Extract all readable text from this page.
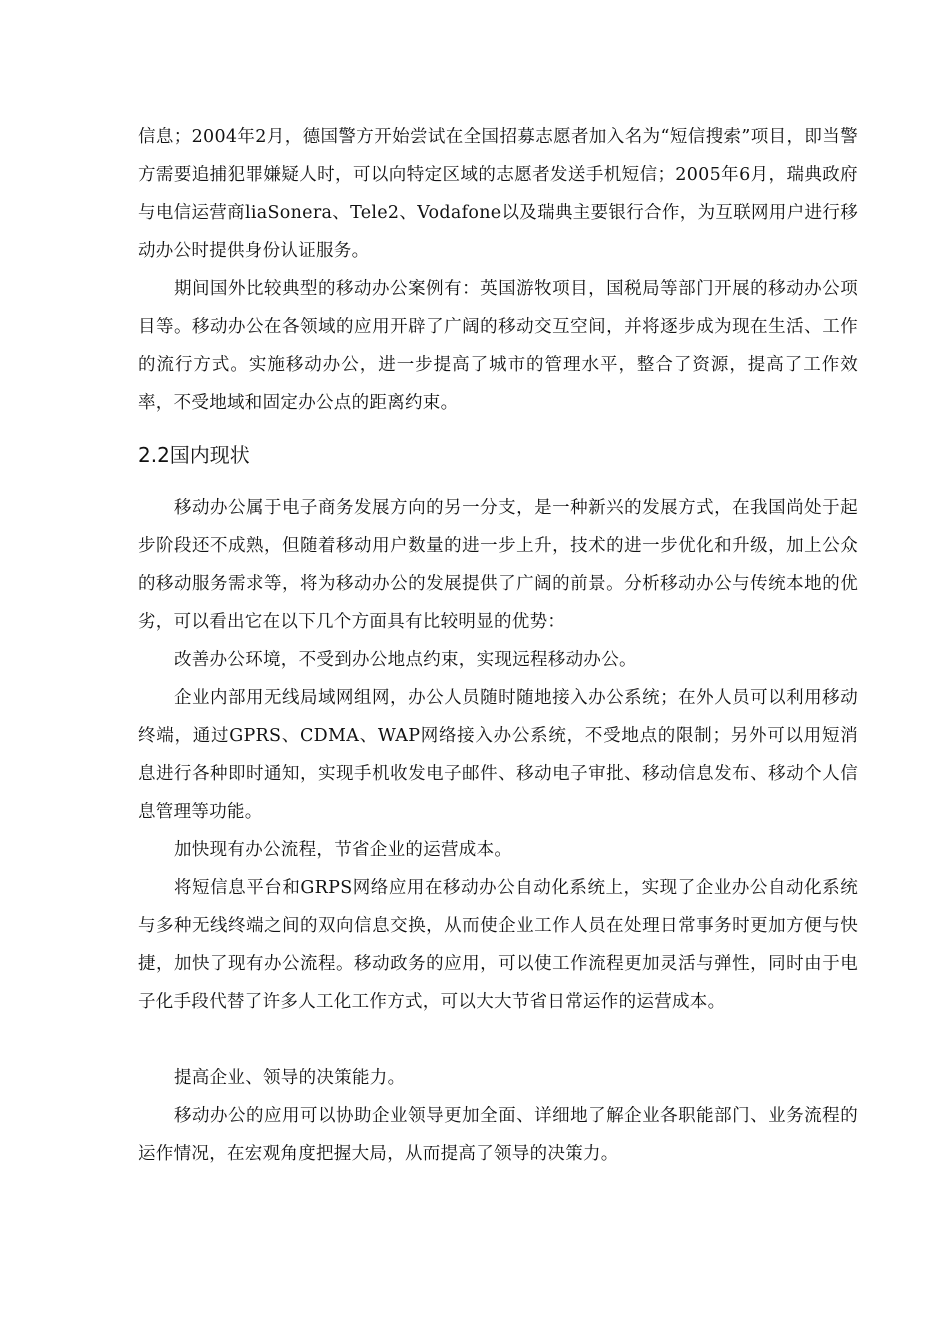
信息；2004年2月，德国警方开始尝试在全国招募志愿者加入名为“短信搜索”项目，即当警方需要追捕犯罪嫌疑人时，可以向特定区域的志愿者发送手机短信；2005年6月，瑞典政府与电信运营商liaSonera、Tele2、Vodafone以及瑞典主要银行合作，为互联网用户进行移动办公时提供身份认证服务。

期间国外比较典型的移动办公案例有：英国游牧项目，国税局等部门开展的移动办公项目等。移动办公在各领域的应用开辟了广阔的移动交互空间，并将逐步成为现在生活、工作的流行方式。实施移动办公，进一步提高了城市的管理水平，整合了资源，提高了工作效率，不受地域和固定办公点的距离约束。

2.2国内现状

移动办公属于电子商务发展方向的另一分支，是一种新兴的发展方式，在我国尚处于起步阶段还不成熟，但随着移动用户数量的进一步上升，技术的进一步优化和升级，加上公众的移动服务需求等，将为移动办公的发展提供了广阔的前景。分析移动办公与传统本地的优劣，可以看出它在以下几个方面具有比较明显的优势：

改善办公环境，不受到办公地点约束，实现远程移动办公。

企业内部用无线局域网组网，办公人员随时随地接入办公系统；在外人员可以利用移动终端，通过GPRS、CDMA、WAP网络接入办公系统，不受地点的限制；另外可以用短消息进行各种即时通知，实现手机收发电子邮件、移动电子审批、移动信息发布、移动个人信息管理等功能。

加快现有办公流程，节省企业的运营成本。

将短信息平台和GRPS网络应用在移动办公自动化系统上，实现了企业办公自动化系统与多种无线终端之间的双向信息交换，从而使企业工作人员在处理日常事务时更加方便与快捷，加快了现有办公流程。移动政务的应用，可以使工作流程更加灵活与弹性，同时由于电子化手段代替了许多人工化工作方式，可以大大节省日常运作的运营成本。

提高企业、领导的决策能力。

移动办公的应用可以协助企业领导更加全面、详细地了解企业各职能部门、业务流程的运作情况，在宏观角度把握大局，从而提高了领导的决策力。
